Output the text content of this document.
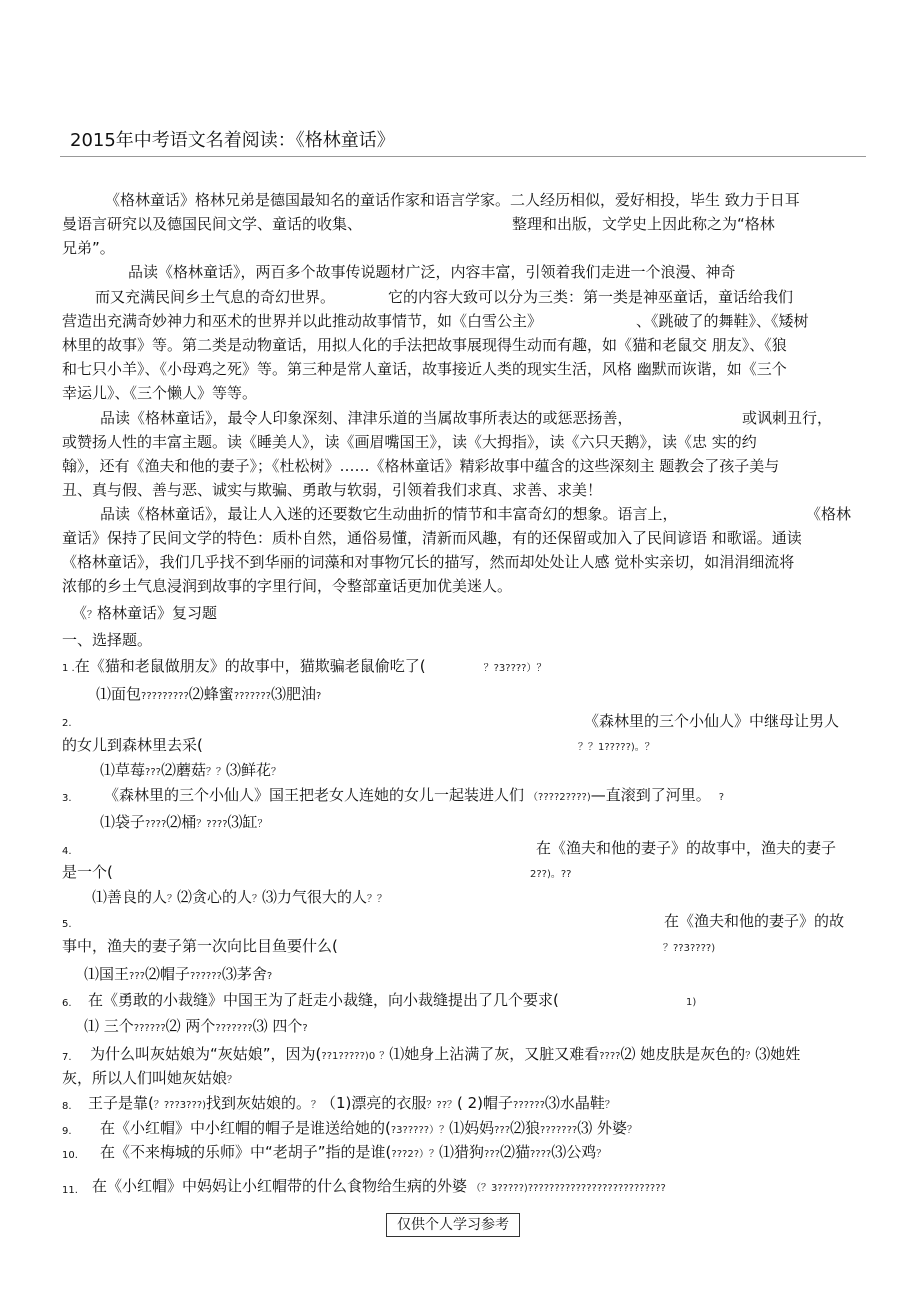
2015年中考语文名着阅读：《格林童话》
《格林童话》格林兄弟是德国最知名的童话作家和语言学家。二人经历相似，爱好相投，毕生 致力于日耳
曼语言研究以及德国民间文学、童话的收集、	整理和出版，文学史上因此称之为“格林
兄弟”。
品读《格林童话》，两百多个故事传说题材广泛，内容丰富，引领着我们走进一个浪漫、神奇
而又充满民间乡土气息的奇幻世界。	它的内容大致可以分为三类：第一类是神巫童话，童话给我们
营造出充满奇妙神力和巫术的世界并以此推动故事情节，如《白雪公主》	、《跳破了的舞鞋》、《矮树
林里的故事》等。第二类是动物童话，用拟人化的手法把故事展现得生动而有趣，如《猫和老鼠交 朋友》、《狼
和七只小羊》、《小母鸡之死》等。第三种是常人童话，故事接近人类的现实生活，风格 幽默而诙谐，如《三个
幸运儿》、《三个懒人》等等。
品读《格林童话》，最令人印象深刻、津津乐道的当属故事所表达的或惩恶扬善，	或讽刺丑行，
或赞扬人性的丰富主题。读《睡美人》，读《画眉嘴国王》，读《大拇指》，读《六只天鹅》，读《忠 实的约
翰》，还有《渔夫和他的妻子》；《杜松树》……《格林童话》精彩故事中蕴含的这些深刻主 题教会了孩子美与
丑、真与假、善与恶、诚实与欺骗、勇敢与软弱，引领着我们求真、求善、求美！
品读《格林童话》，最让人入迷的还要数它生动曲折的情节和丰富奇幻的想象。语言上，	《格林
童话》保持了民间文学的特色：质朴自然，通俗易懂，清新而风趣，有的还保留或加入了民间谚语 和歌谣。通读
《格林童话》，我们几乎找不到华丽的词藻和对事物冗长的描写，然而却处处让人感 觉朴实亲切，如涓涓细流将
浓郁的乡土气息浸润到故事的字里行间，令整部童话更加优美迷人。
《？格林童话》复习题
一、选择题。
1 .在《猫和老鼠做朋友》的故事中，猫欺骗老鼠偷吃了(	？?3????）？
⑴面包?????????⑵蜂蜜???????⑶肥油?
2.	《森林里的三个小仙人》中继母让男人
的女儿到森林里去采(	？？1?????)。？
⑴草莓???⑵蘑菇？？⑶鲜花？
3. 《森林里的三个小仙人》国王把老女人连她的女儿一起装进人们 （????2????)—直滚到了河里。 ?
⑴袋子????⑵桶？????⑶缸？
4.	在《渔夫和他的妻子》的故事中，渔夫的妻子
是一个(	2??)。??
⑴善良的人？⑵贪心的人？⑶力气很大的人？？
5.	在《渔夫和他的妻子》的故
事中，渔夫的妻子第一次向比目鱼要什么(	？??3????)
⑴国王???⑵帽子??????⑶茅舍?
6. 在《勇敢的小裁缝》中国王为了赶走小裁缝，向小裁缝提出了几个要求(	1)
⑴ 三个??????⑵ 两个???????⑶ 四个?
7. 为什么叫灰姑娘为“灰姑娘”，因为(??1?????)0 ？⑴她身上沾满了灰，又脏又难看????⑵ 她皮肤是灰色的？⑶她姓
灰，所以人们叫她灰姑娘？
8. 王子是靠(？???3???)找到灰姑娘的。？（1)漂亮的衣服？??？( 2)帽子??????⑶水晶鞋？
9. 在《小红帽》中小红帽的帽子是谁送给她的(?3?????）？⑴妈妈???⑵狼???????⑶ 外婆？
10. 在《不来梅城的乐师》中“老胡子”指的是谁(???2?）？⑴猎狗???⑵猫????⑶公鸡？
11. 在《小红帽》中妈妈让小红帽带的什么食物给生病的外婆 （？3?????)??????????????????????????
仅供个人学习参考
